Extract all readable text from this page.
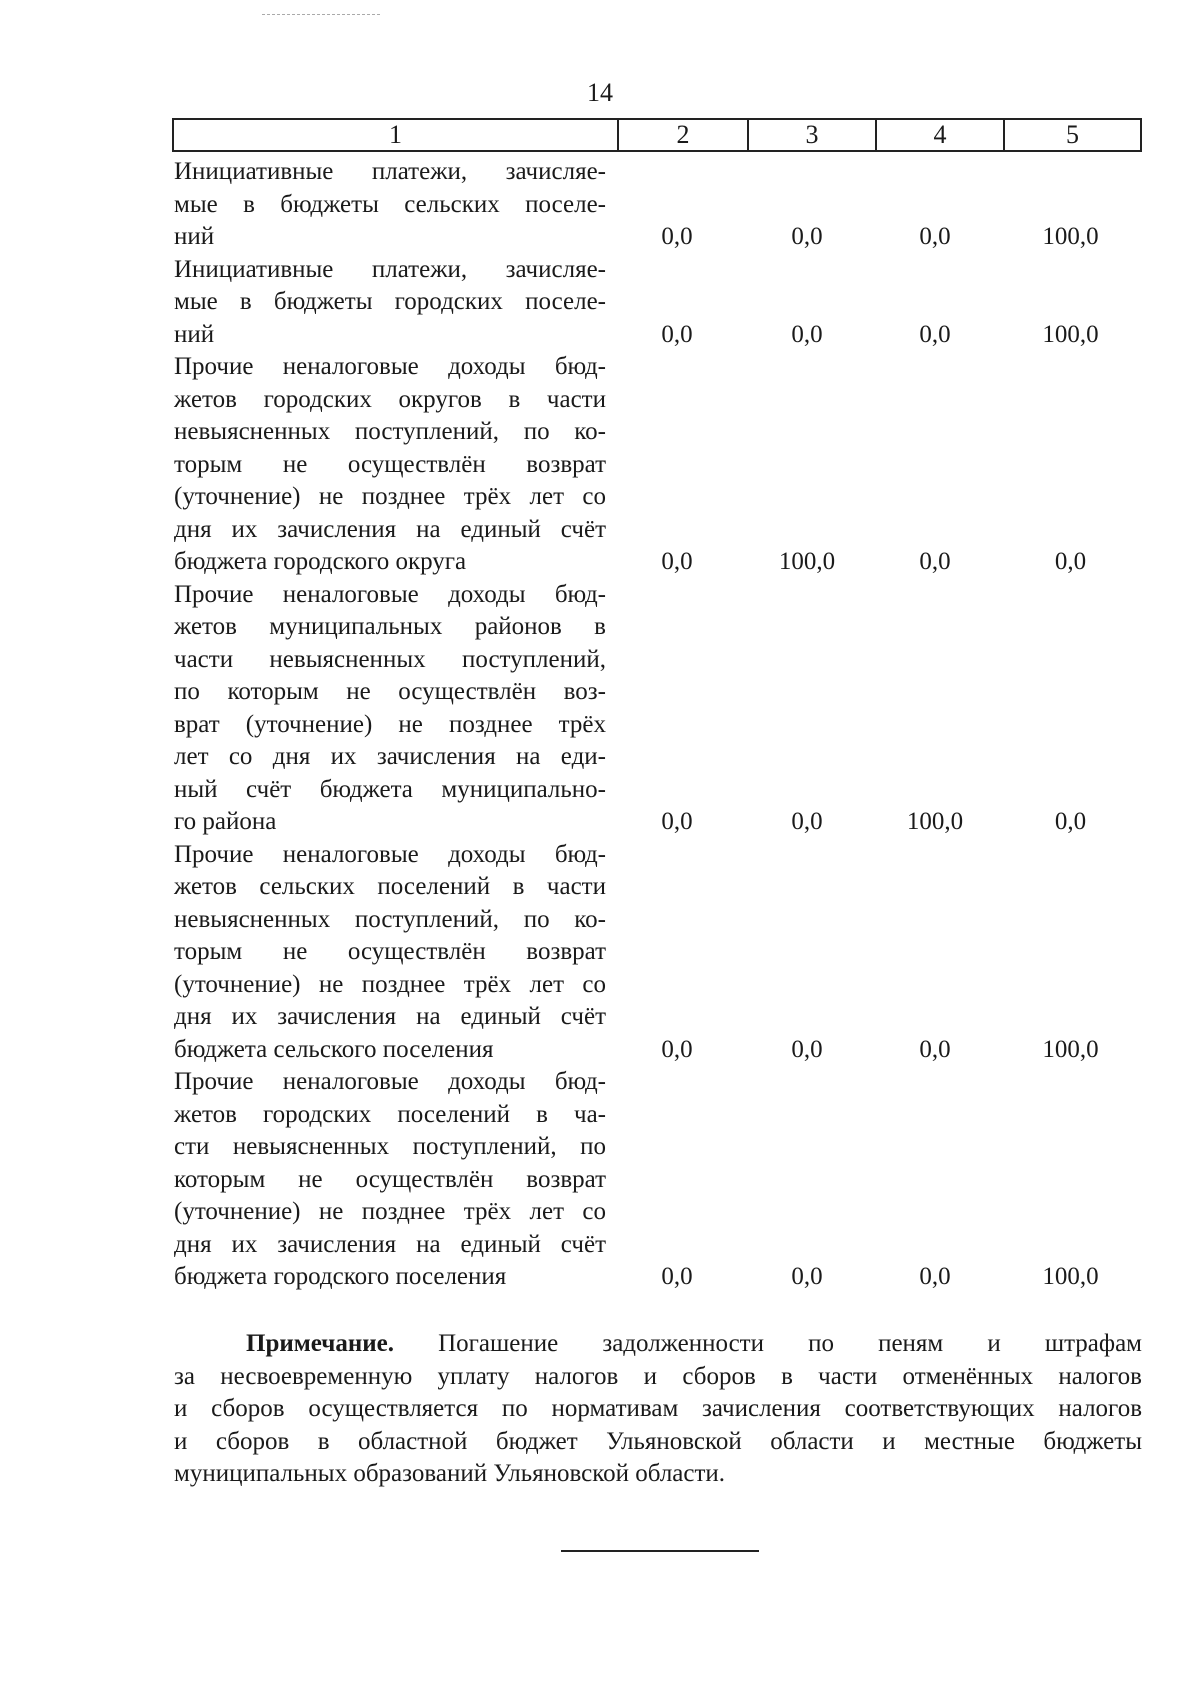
14
1	2	3	4	5
Инициативные платежи, зачисляе-
мые в бюджеты сельских поселе-
ний	0,0	0,0	0,0	100,0
Инициативные платежи, зачисляе-
мые в бюджеты городских поселе-
ний	0,0	0,0	0,0	100,0
Прочие неналоговые доходы бюд-
жетов городских округов в части
невыясненных поступлений, по ко-
торым не осуществлён возврат
(уточнение) не позднее трёх лет со
дня их зачисления на единый счёт
бюджета городского округа	0,0	100,0	0,0	0,0
Прочие неналоговые доходы бюд-
жетов муниципальных районов в
части невыясненных поступлений,
по которым не осуществлён воз-
врат (уточнение) не позднее трёх
лет со дня их зачисления на еди-
ный счёт бюджета муниципально-
го района	0,0	0,0	100,0	0,0
Прочие неналоговые доходы бюд-
жетов сельских поселений в части
невыясненных поступлений, по ко-
торым не осуществлён возврат
(уточнение) не позднее трёх лет со
дня их зачисления на единый счёт
бюджета сельского поселения	0,0	0,0	0,0	100,0
Прочие неналоговые доходы бюд-
жетов городских поселений в ча-
сти невыясненных поступлений, по
которым не осуществлён возврат
(уточнение) не позднее трёх лет со
дня их зачисления на единый счёт
бюджета городского поселения	0,0	0,0	0,0	100,0
Примечание. Погашение задолженности по пеням и штрафам
за несвоевременную уплату налогов и сборов в части отменённых налогов
и сборов осуществляется по нормативам зачисления соответствующих налогов
и сборов в областной бюджет Ульяновской области и местные бюджеты
муниципальных образований Ульяновской области.
